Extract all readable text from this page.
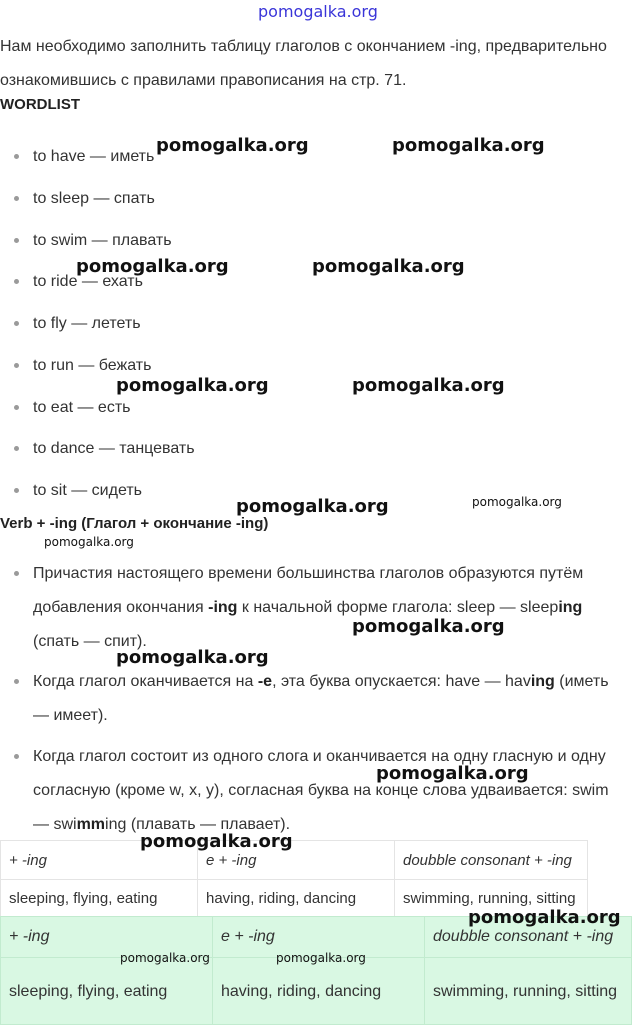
pomogalka.org
Нам необходимо заполнить таблицу глаголов с окончанием -ing, предварительно ознакомившись с правилами правописания на стр. 71.
WORDLIST
to have — иметь
to sleep — спать
to swim — плавать
to ride — ехать
to fly — лететь
to run — бежать
to eat — есть
to dance — танцевать
to sit — сидеть
Verb + -ing (Глагол + окончание -ing)
Причастия настоящего времени большинства глаголов образуются путём добавления окончания -ing к начальной форме глагола: sleep — sleeping (спать — спит).
Когда глагол оканчивается на -e, эта буква опускается: have — having (иметь — имеет).
Когда глагол состоит из одного слога и оканчивается на одну гласную и одну согласную (кроме w, x, y), согласная буква на конце слова удваивается: swim — swimming (плавать — плавает).
+ -ing	e + -ing	doubble consonant + -ing
sleeping, flying, eating	having, riding, dancing	swimming, running, sitting
+ -ing	e + -ing	doubble consonant + -ing
sleeping, flying, eating	having, riding, dancing	swimming, running, sitting
pomogalka.org	pomogalka.org
pomogalka.org	pomogalka.org
pomogalka.org	pomogalka.org
pomogalka.org	pomogalka.org
pomogalka.org
pomogalka.org
pomogalka.org
pomogalka.org
pomogalka.org
pomogalka.org
pomogalka.org	pomogalka.org
